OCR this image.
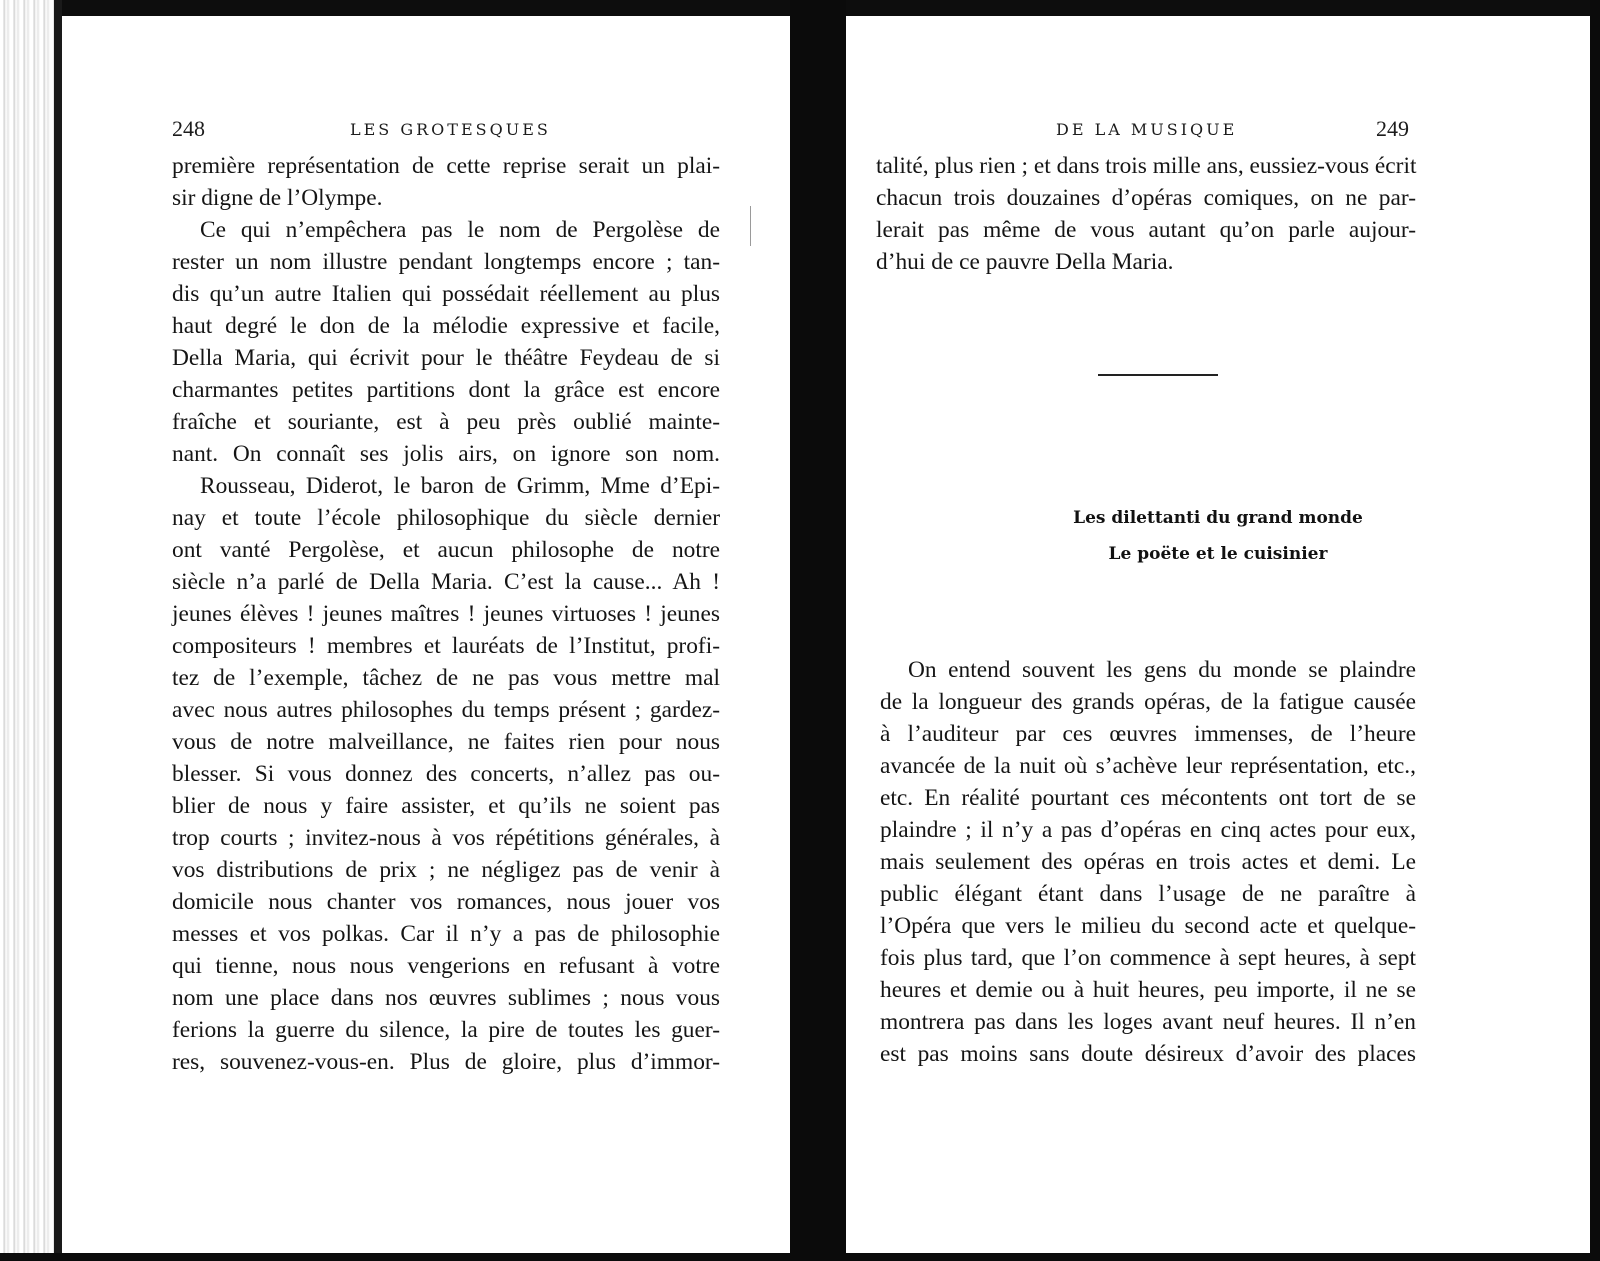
248	LES GROTESQUES
première représentation de cette reprise serait un plai-
sir digne de l’Olympe.
Ce qui n’empêchera pas le nom de Pergolèse de
rester un nom illustre pendant longtemps encore ; tan-
dis qu’un autre Italien qui possédait réellement au plus
haut degré le don de la mélodie expressive et facile,
Della Maria, qui écrivit pour le théâtre Feydeau de si
charmantes petites partitions dont la grâce est encore
fraîche et souriante, est à peu près oublié mainte-
nant. On connaît ses jolis airs, on ignore son nom.
Rousseau, Diderot, le baron de Grimm, Mme d’Epi-
nay et toute l’école philosophique du siècle dernier
ont vanté Pergolèse, et aucun philosophe de notre
siècle n’a parlé de Della Maria. C’est la cause... Ah !
jeunes élèves ! jeunes maîtres ! jeunes virtuoses ! jeunes
compositeurs ! membres et lauréats de l’Institut, profi-
tez de l’exemple, tâchez de ne pas vous mettre mal
avec nous autres philosophes du temps présent ; gardez-
vous de notre malveillance, ne faites rien pour nous
blesser. Si vous donnez des concerts, n’allez pas ou-
blier de nous y faire assister, et qu’ils ne soient pas
trop courts ; invitez-nous à vos répétitions générales, à
vos distributions de prix ; ne négligez pas de venir à
domicile nous chanter vos romances, nous jouer vos
messes et vos polkas. Car il n’y a pas de philosophie
qui tienne, nous nous vengerions en refusant à votre
nom une place dans nos œuvres sublimes ; nous vous
ferions la guerre du silence, la pire de toutes les guer-
res, souvenez-vous-en. Plus de gloire, plus d’immor-
DE LA MUSIQUE	249
talité, plus rien ; et dans trois mille ans, eussiez-vous écrit
chacun trois douzaines d’opéras comiques, on ne par-
lerait pas même de vous autant qu’on parle aujour-
d’hui de ce pauvre Della Maria.
Les dilettanti du grand monde
Le poëte et le cuisinier
On entend souvent les gens du monde se plaindre
de la longueur des grands opéras, de la fatigue causée
à l’auditeur par ces œuvres immenses, de l’heure
avancée de la nuit où s’achève leur représentation, etc.,
etc. En réalité pourtant ces mécontents ont tort de se
plaindre ; il n’y a pas d’opéras en cinq actes pour eux,
mais seulement des opéras en trois actes et demi. Le
public élégant étant dans l’usage de ne paraître à
l’Opéra que vers le milieu du second acte et quelque-
fois plus tard, que l’on commence à sept heures, à sept
heures et demie ou à huit heures, peu importe, il ne se
montrera pas dans les loges avant neuf heures. Il n’en
est pas moins sans doute désireux d’avoir des places
